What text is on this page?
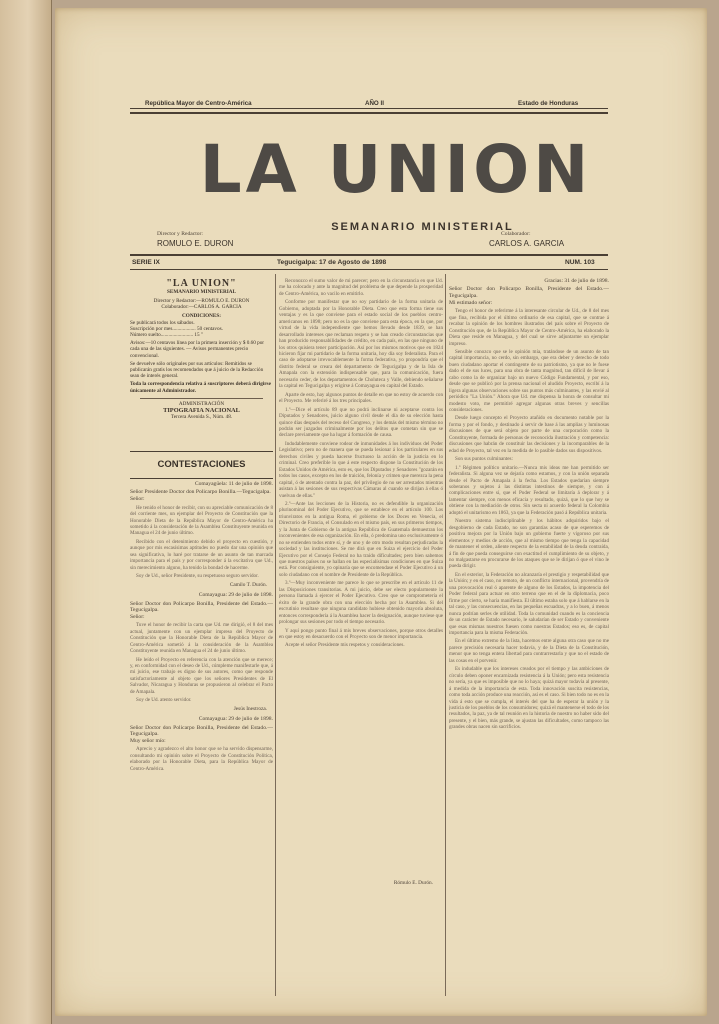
República Mayor de Centro-América	AÑO II	Estado de Honduras
LA UNION
SEMANARIO MINISTERIAL
Director y Redactor:
ROMULO E. DURON
Colaborador:
CARLOS A. GARCIA
SERIE IX	Tegucigalpa: 17 de Agosto de 1898	NUM. 103
"LA UNION"
SEMANARIO MINISTERIAL
Director y Redactor:—ROMULO E. DURON
Colaborador:—CARLOS A. GARCIA
CONDICIONES:
Se publicará todos los sábados.
Suscripción por mes.................. 50 centavos.
Número suelto......................... 15 "
Avisos:—10 centavos línea por la primera inserción y $ 0.60 por cada una de las siguientes. — Avisos permanentes precio convencional.
Se devuelve sólo originales por sus artículos: Remitidos se publicarán gratis los recomendados que á juicio de la Redacción sean de interés general.
Toda la correspondencia relativa á suscriptores deberá dirigirse únicamente al Administrador.
ADMINISTRACIÓN
TIPOGRAFIA NACIONAL
Tercera Avenida S., Núm. 48.
CONTESTACIONES
Comayagüela: 11 de julio de 1898.
Señor Presidente Doctor don Policarpo Bonilla.—Tegucigalpa.
Señor:

He tenido el honor de recibir, con su apreciable comunicación de 8 del corriente mes, un ejemplar del Proyecto de Constitución que la Honorable Dieta de la República Mayor de Centro-América ha sometido á la consideración de la Asamblea Constituyente reunida en Managua el 24 de junio último.

Recibido con el detenimiento debido el proyecto en cuestión, y aunque por mis escasísimas aptitudes no puedo dar una opinión que sea significativa, lo haré por tratarse de un asunto de tan marcada importancia para el país y por corresponder á la excitativa que Ud., sin merecimiento alguno, ha tenido la bondad de hacerme.

Soy de Ud., señor Presidente, su respetuoso seguro servidor.

Camilo T. Durón.
Comayagua: 29 de julio de 1898.
Señor Doctor don Policarpo Bonilla, Presidente del Estado.—Tegucigalpa.
Señor:

Tuve el honor de recibir la carta que Ud. me dirigió, el 8 del mes actual, juntamente con un ejemplar impreso del Proyecto de Constitución que la Honorable Dieta de la República Mayor de Centro-América sometió á la consideración de la Asamblea Constituyente reunida en Managua el 24 de junio último.

He leído el Proyecto en referencia con la atención que se merece; y, en conformidad con el deseo de Ud., cúmpleme manifestarle que, á mi juicio, ese trabajo es digno de sus autores, como que responde satisfactoriamente al objeto que los señores Presidentes de El Salvador, Nicaragua y Honduras se propusieron al celebrar el Pacto de Amapala.

Soy de Ud. atento servidor.

Jesús Inestroza.
Comayagua: 29 de julio de 1898.
Señor Doctor don Policarpo Bonilla, Presidente del Estado.—Tegucigalpa.
Muy señor mío:

Aprecio y agradezco el alto honor que se ha servido dispensarme, consultando mi opinión sobre el Proyecto de Constitución Política, elaborado por la Honorable Dieta, para la República Mayor de Centro-América.

Reconozco el sumo valor de mi parecer; pero en la circunstancia en que Ud. me ha colocado y ante la magnitud del problema de que depende la prosperidad de Centro-América, no vacilo en emitirlo.

Conforme por manifestar que no soy partidario de la forma unitaria de Gobierno, adoptada por la Honorable Dieta. Creo que esta forma tiene sus ventajas y es la que conviene para el estado social de los pueblos centro-americanos en 1898; pero no es la que conviene para esta época, en la que, por virtud de la vida independiente que hemos llevado desde 1839, se han desarrollado intereses que reclaman respeto y se han creado circunstancias que han producido responsabilidades de crédito, en cada país, en las que ninguno de los otros quisiera tener participación. Así por los mismos motivos que en 1824 hicieron fijar mi partidario de la forma unitaria, hoy día soy federalista. Para el caso de adoptarse irrevocablemente la forma federativa, yo propondría que el distrito federal se creara del departamento de Tegucigalpa y de la Isla de Amapala con la extensión indispensable que, para la comunicación, fuera necesario ceder, de los departamentos de Choluteca y Valle, debiendo señalarse la capital en Tegucigalpa y erigirse á Comayagua en capital del Estado.

Aparte de esto, hay algunos puntos de detalle en que no estoy de acuerdo con el Proyecto. Me referiré á los tres principales.

1.º—Dice el artículo 89 que no podrá inclinarse ni aceptarse contra los Diputados y Senadores, juicio alguno civil desde el día de su elección hasta quince días después del receso del Congreso, y los demás del mismo término no podrán ser juzgados criminalmente por los delitos que cometan sin que se declare previamente que ha lugar á formación de causa.

Indudablemente conviene rodear de inmunidades á los individuos del Poder Legislativo; pero no de manera que se pueda lesionar á los particulares en sus derechos civiles y pueda hacerse fructuoso la acción de la justicia en lo criminal. Creo preferible lo que á este respecto dispone la Constitución de los Estados Unidos de América, esto es, que los Diputados y Senadores "gozarán en todos los casos, excepto en los de traición, felonía y crimen que merezca la pena capital, ó de atentado contra la paz, del privilegio de no ser arrestados mientras asistan á las sesiones de sus respectivas Cámaras al cuando se dirijan á ellas ó vuelvan de ellas."

2.º—Ante las lecciones de la Historia, no es defendible la organización plurinominal del Poder Ejecutivo, que se establece en el artículo 100. Los triunviratos en la antigua Roma, el gobierno de los Doces en Venecia, el Directorio de Francia, el Consulado en el mismo país, en sus primeros tiempos, y la Junta de Gobierno de la antigua República de Guatemala demuestran los inconvenientes de esa organización. En ella, ó predomina uno exclusivamente ó no se entienden todos entre sí, y de uno y de otro modo resultan perjudicadas la sociedad y las instituciones. Se me dirá que en Suiza el ejercicio del Poder Ejecutivo por el Consejo Federal no ha traído dificultades; pero bien sabemos que nuestros países no se hallan en las especialísimas condiciones en que Suiza está. Por consiguiente, yo opinaría que se encomendase el Poder Ejecutivo á un solo ciudadano con el nombre de Presidente de la República.

3.º—Muy inconveniente me parece lo que se prescribe en el artículo 11 de las Disposiciones transitorias. A mi juicio, debe ser electo popularmente la persona llamada á ejercer el Poder Ejecutivo. Creo que se comprometería el éxito de la grande obra con una elección hecha por la Asamblea. Si del escrutinio resultase que ninguna candidato hubiese obtenido mayoría absoluta, entonces correspondería á la Asamblea hacer la designación, aunque tuviese que prolongar sus sesiones por todo el tiempo necesario.

Y aquí pongo punto final á mis breves observaciones, porque otros detalles en que estoy en desacuerdo con el Proyecto son de menor importancia.

Acepte el señor Presidente mis respetos y consideraciones.

Rómulo E. Durón.
Gracias: 31 de julio de 1898.
Señor Doctor don Policarpo Bonilla, Presidente del Estado.—Tegucigalpa.
Mi estimado señor:

Tengo el honor de referirme á la interesante circular de Ud., de 8 del mes que fina, recibida por el último ordinario de esa capital, que se contrae á recabar la opinión de los hombres ilustrados del país sobre el Proyecto de Constitución que, de la República Mayor de Centro-América, ha elaborado la Dieta que reside en Managua, y del cual se sirve adjuntarme un ejemplar impreso.

Sensible conozco que se le opinión mía, tratándose de un asunto de tan capital importancia, no cerdo, sin embargo, que era deber y derecho de todo buen ciudadano aportar el contingente de su patriotismo, ya que no le fuese dado el de sus luces, para una obra de tanta magnitud, tan difícil de llevar á cabo como la de organizar bajo un nuevo Código Fundamental, y por eso, desde que se publicó por la prensa nacional el aludido Proyecto, escribí á la ligera algunas observaciones sobre sus puntos más culminantes, y las envié al periódico "La Unión." Ahora que Ud. me dispensa la honra de consultar mi modesto voto, me permitiré agregar algunas otras breves y sencillas consideraciones.

Desde luego concepto el Proyecto atañido en documento notable por la forma y por el fondo, y destinado á servir de base á las amplias y luminosas discusiones de que será objeto por parte de una corporación como la Constituyente, formada de personas de reconocida ilustración y competencia: discusiones que habrán de constituir las decisiones y la incomparables de la edad de Proyecto, tal vez en la medida de lo pasible dados sus dispositivos.

Son sus puntos culminantes:

1.º Régimen político unitario.—Nunca mis ideas me han permitido ser federalista. Si alguna vez se dejaría como estamos, y con la unión separada desde el Pacto de Amapala á la fecha. Los Estados quedarían siempre soberanos y sujetos á las distintas intestinos de siempre, y con á complicaciones entre sí, que el Poder Federal se limitaría á deplorar y á lamentar siempre, con menos eficacia y resultado, quizá, que lo que hoy se obtiene con la mediación de otros. Sin secta ni acuerdo federal la Colombia adoptó el unitarismo en 1863, ya que la Federación pasó á República unitaria.

Nuestro sistema indisciplinable y los hábitos adquiridos bajo el desgobierno de cada Estado, no son garantías acaso de que esperemos de positiva mejora por la Unión bajo un gobierno fuerte y vigoroso por sus elementos y medios de acción, que al mismo tiempo que tenga la capacidad de mantener el orden, aliente respecto de la estabilidad de la deuda contraída, á fin de que pueda conseguirse con exactitud el cumplimiento de su objeto, y no malgastarse en procurarse de los ataques que se le dirijan ó que el vino le pueda dirigir.

En el exterior, la Federación no alcanzaría el prestigio y respetabilidad que la Unión; y en el caso, no remoto, de un conflicto internacional, provendría de una provocación real ó aparente de alguno de los Estados, la impotencia del Poder federal para actuar en otro terreno que en el de la diplomacia, poco firme por cierto, se haría manifiesta. El último estaba solo que á hablarse en la tal caso, y las consecuencias, en las pequeñas escuadras, y a lo buen, á menos nunca podrían serles de utilidad. Toda la comunidad cuando es la conciencia de un carácter de Estado necesario, le saludarían de ser Estado y conveniente que esas mismas nuestros fuesen como nuestras Estados; eso es, de capital importancia para la misma Federación.

En el último extremo de la lista, hacemos entre alguna otra caso que no me parece precisión necesaria hacer todavía, y de la Dieta de la Constitución, menor que no tenga entera libertad para contrarrestarla y que no el estado de las cosas en el porvenir.

Es indudable que los intereses creados por el tiempo y las ambiciones de círculo deben oponer encarnizada resistencia á la Unión; pero esta resistencia no sería, ya que es imposible que no lo haya; quizá mayor todavía al presente, á medida de la importancia de esta. Toda innovación suscita resistencias, como toda acción produce una reacción, así es el caso. Si bien todo no es en la vida á esto que se cumpla, el interés del que ha de esperar la unión y la justicia de los pueblos de los consumidores; quizá el mantenerse el todo de los resultados, la paz, ya de tal reunión en la historia de nuestro no haber sido del presente, y el bien, más grande, se ajustan las dificultades, como tampoco las grandes obras nacen sin sacrificios.
